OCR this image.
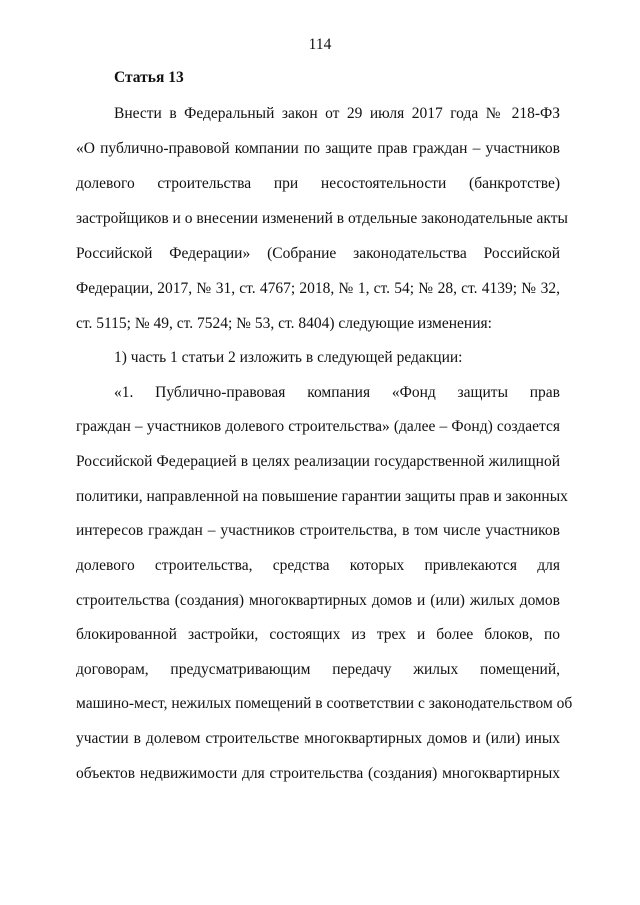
114
Статья 13
Внести в Федеральный закон от 29 июля 2017 года № 218-ФЗ
«О публично-правовой компании по защите прав граждан – участников
долевого строительства при несостоятельности (банкротстве)
застройщиков и о внесении изменений в отдельные законодательные акты
Российской Федерации» (Собрание законодательства Российской
Федерации, 2017, № 31, ст. 4767; 2018, № 1, ст. 54; № 28, ст. 4139; № 32,
ст. 5115; № 49, ст. 7524; № 53, ст. 8404) следующие изменения:
1) часть 1 статьи 2 изложить в следующей редакции:
«1. Публично-правовая компания «Фонд защиты прав
граждан – участников долевого строительства» (далее – Фонд) создается
Российской Федерацией в целях реализации государственной жилищной
политики, направленной на повышение гарантии защиты прав и законных
интересов граждан – участников строительства, в том числе участников
долевого строительства, средства которых привлекаются для
строительства (создания) многоквартирных домов и (или) жилых домов
блокированной застройки, состоящих из трех и более блоков, по
договорам, предусматривающим передачу жилых помещений,
машино-мест, нежилых помещений в соответствии с законодательством об
участии в долевом строительстве многоквартирных домов и (или) иных
объектов недвижимости для строительства (создания) многоквартирных
